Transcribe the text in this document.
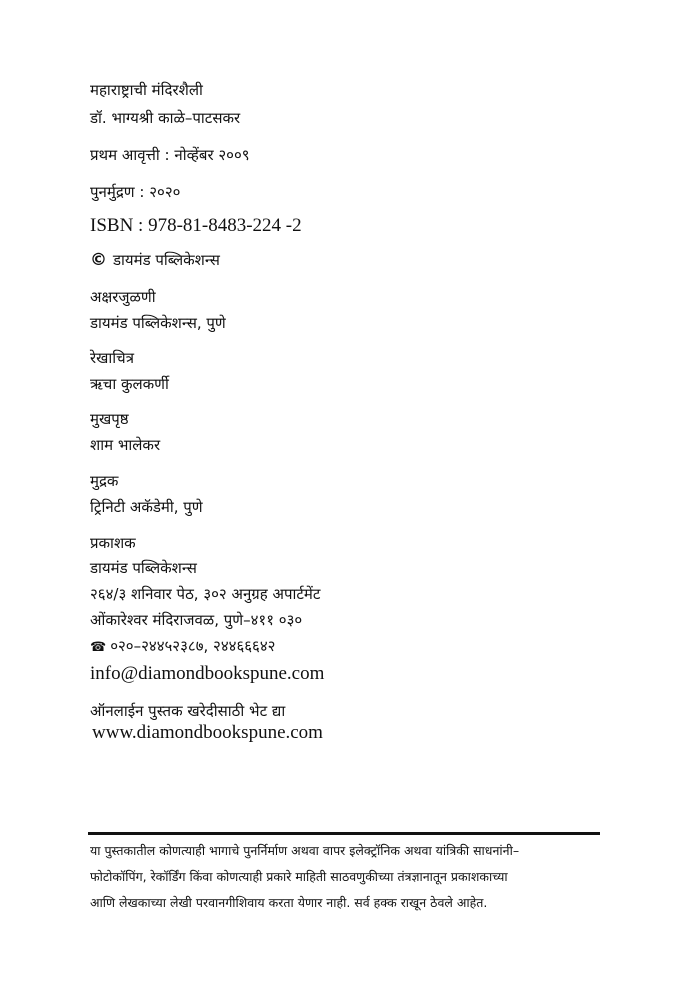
महाराष्ट्राची मंदिरशैली
डॉ. भाग्यश्री काळे–पाटसकर
प्रथम आवृत्ती : नोव्हेंबर २००९
पुनर्मुद्रण : २०२०
ISBN : 978-81-8483-224 -2
© डायमंड पब्लिकेशन्स
अक्षरजुळणी
डायमंड पब्लिकेशन्स, पुणे
रेखाचित्र
ऋचा कुलकर्णी
मुखपृष्ठ
शाम भालेकर
मुद्रक
ट्रिनिटी अकॅडेमी, पुणे
प्रकाशक
डायमंड पब्लिकेशन्स
२६४/३ शनिवार पेठ, ३०२ अनुग्रह अपार्टमेंट
ओंकारेश्वर मंदिराजवळ, पुणे–४११ ०३०
☎ ०२०–२४४५२३८७, २४४६६६४२
info@diamondbookspune.com
ऑनलाईन पुस्तक खरेदीसाठी भेट द्या
www.diamondbookspune.com
या पुस्तकातील कोणत्याही भागाचे पुनर्निर्माण अथवा वापर इलेक्ट्रॉनिक अथवा यांत्रिकी साधनांनी–
फोटोकॉपिंग, रेकॉर्डिंग किंवा कोणत्याही प्रकारे माहिती साठवणुकीच्या तंत्रज्ञानातून प्रकाशकाच्या
आणि लेखकाच्या लेखी परवानगीशिवाय करता येणार नाही. सर्व हक्क राखून ठेवले आहेत.
